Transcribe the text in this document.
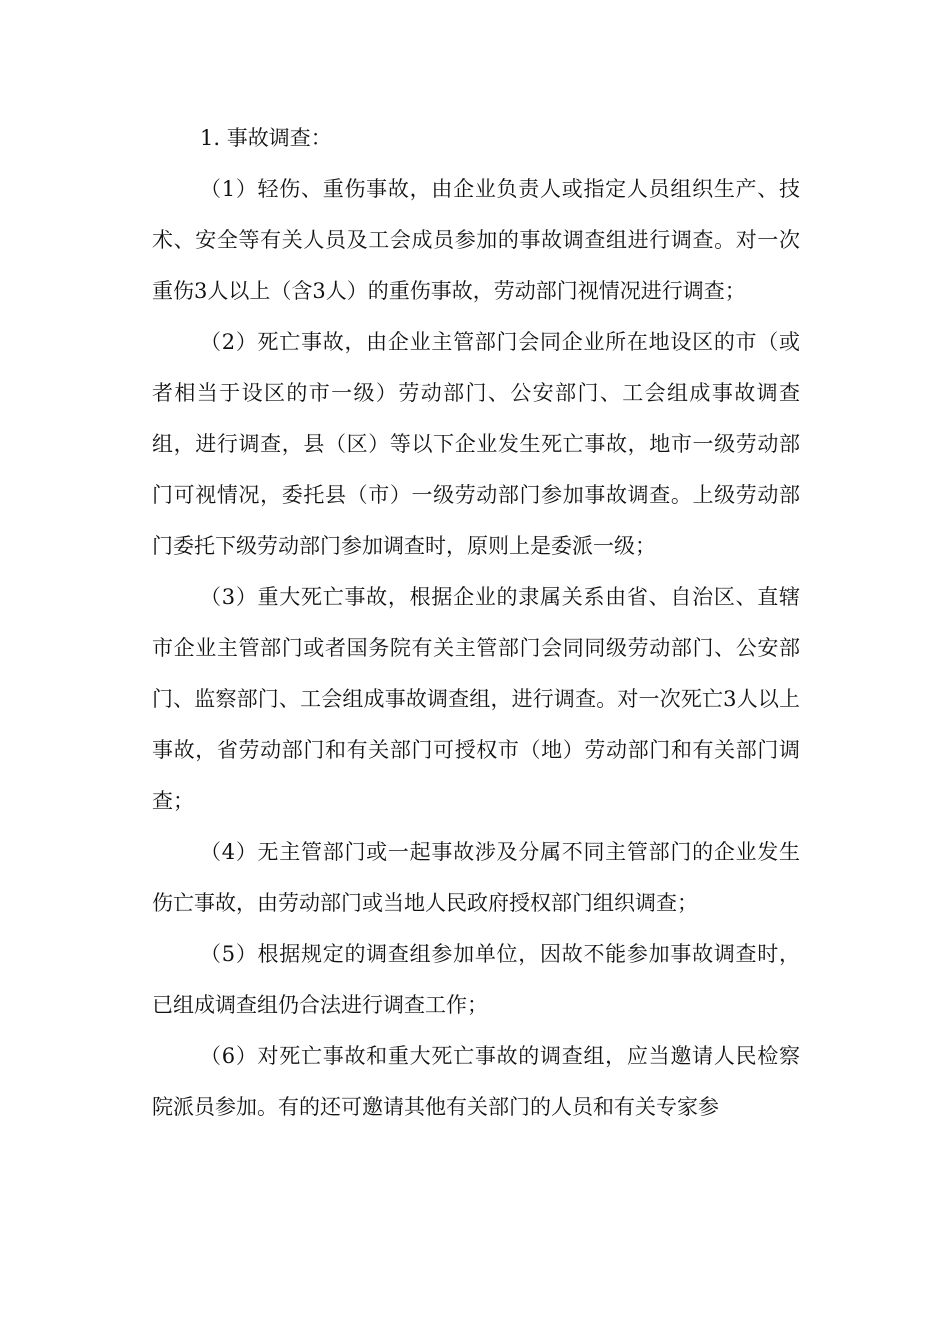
1. 事故调查：

（1）轻伤、重伤事故，由企业负责人或指定人员组织生产、技术、安全等有关人员及工会成员参加的事故调查组进行调查。对一次重伤3人以上（含3人）的重伤事故，劳动部门视情况进行调查；

（2）死亡事故，由企业主管部门会同企业所在地设区的市（或者相当于设区的市一级）劳动部门、公安部门、工会组成事故调查组，进行调查，县（区）等以下企业发生死亡事故，地市一级劳动部门可视情况，委托县（市）一级劳动部门参加事故调查。上级劳动部门委托下级劳动部门参加调查时，原则上是委派一级；

（3）重大死亡事故，根据企业的隶属关系由省、自治区、直辖市企业主管部门或者国务院有关主管部门会同同级劳动部门、公安部门、监察部门、工会组成事故调查组，进行调查。对一次死亡3人以上事故，省劳动部门和有关部门可授权市（地）劳动部门和有关部门调查；

（4）无主管部门或一起事故涉及分属不同主管部门的企业发生伤亡事故，由劳动部门或当地人民政府授权部门组织调查；

（5）根据规定的调查组参加单位，因故不能参加事故调查时，已组成调查组仍合法进行调查工作；

（6）对死亡事故和重大死亡事故的调查组，应当邀请人民检察院派员参加。有的还可邀请其他有关部门的人员和有关专家参
